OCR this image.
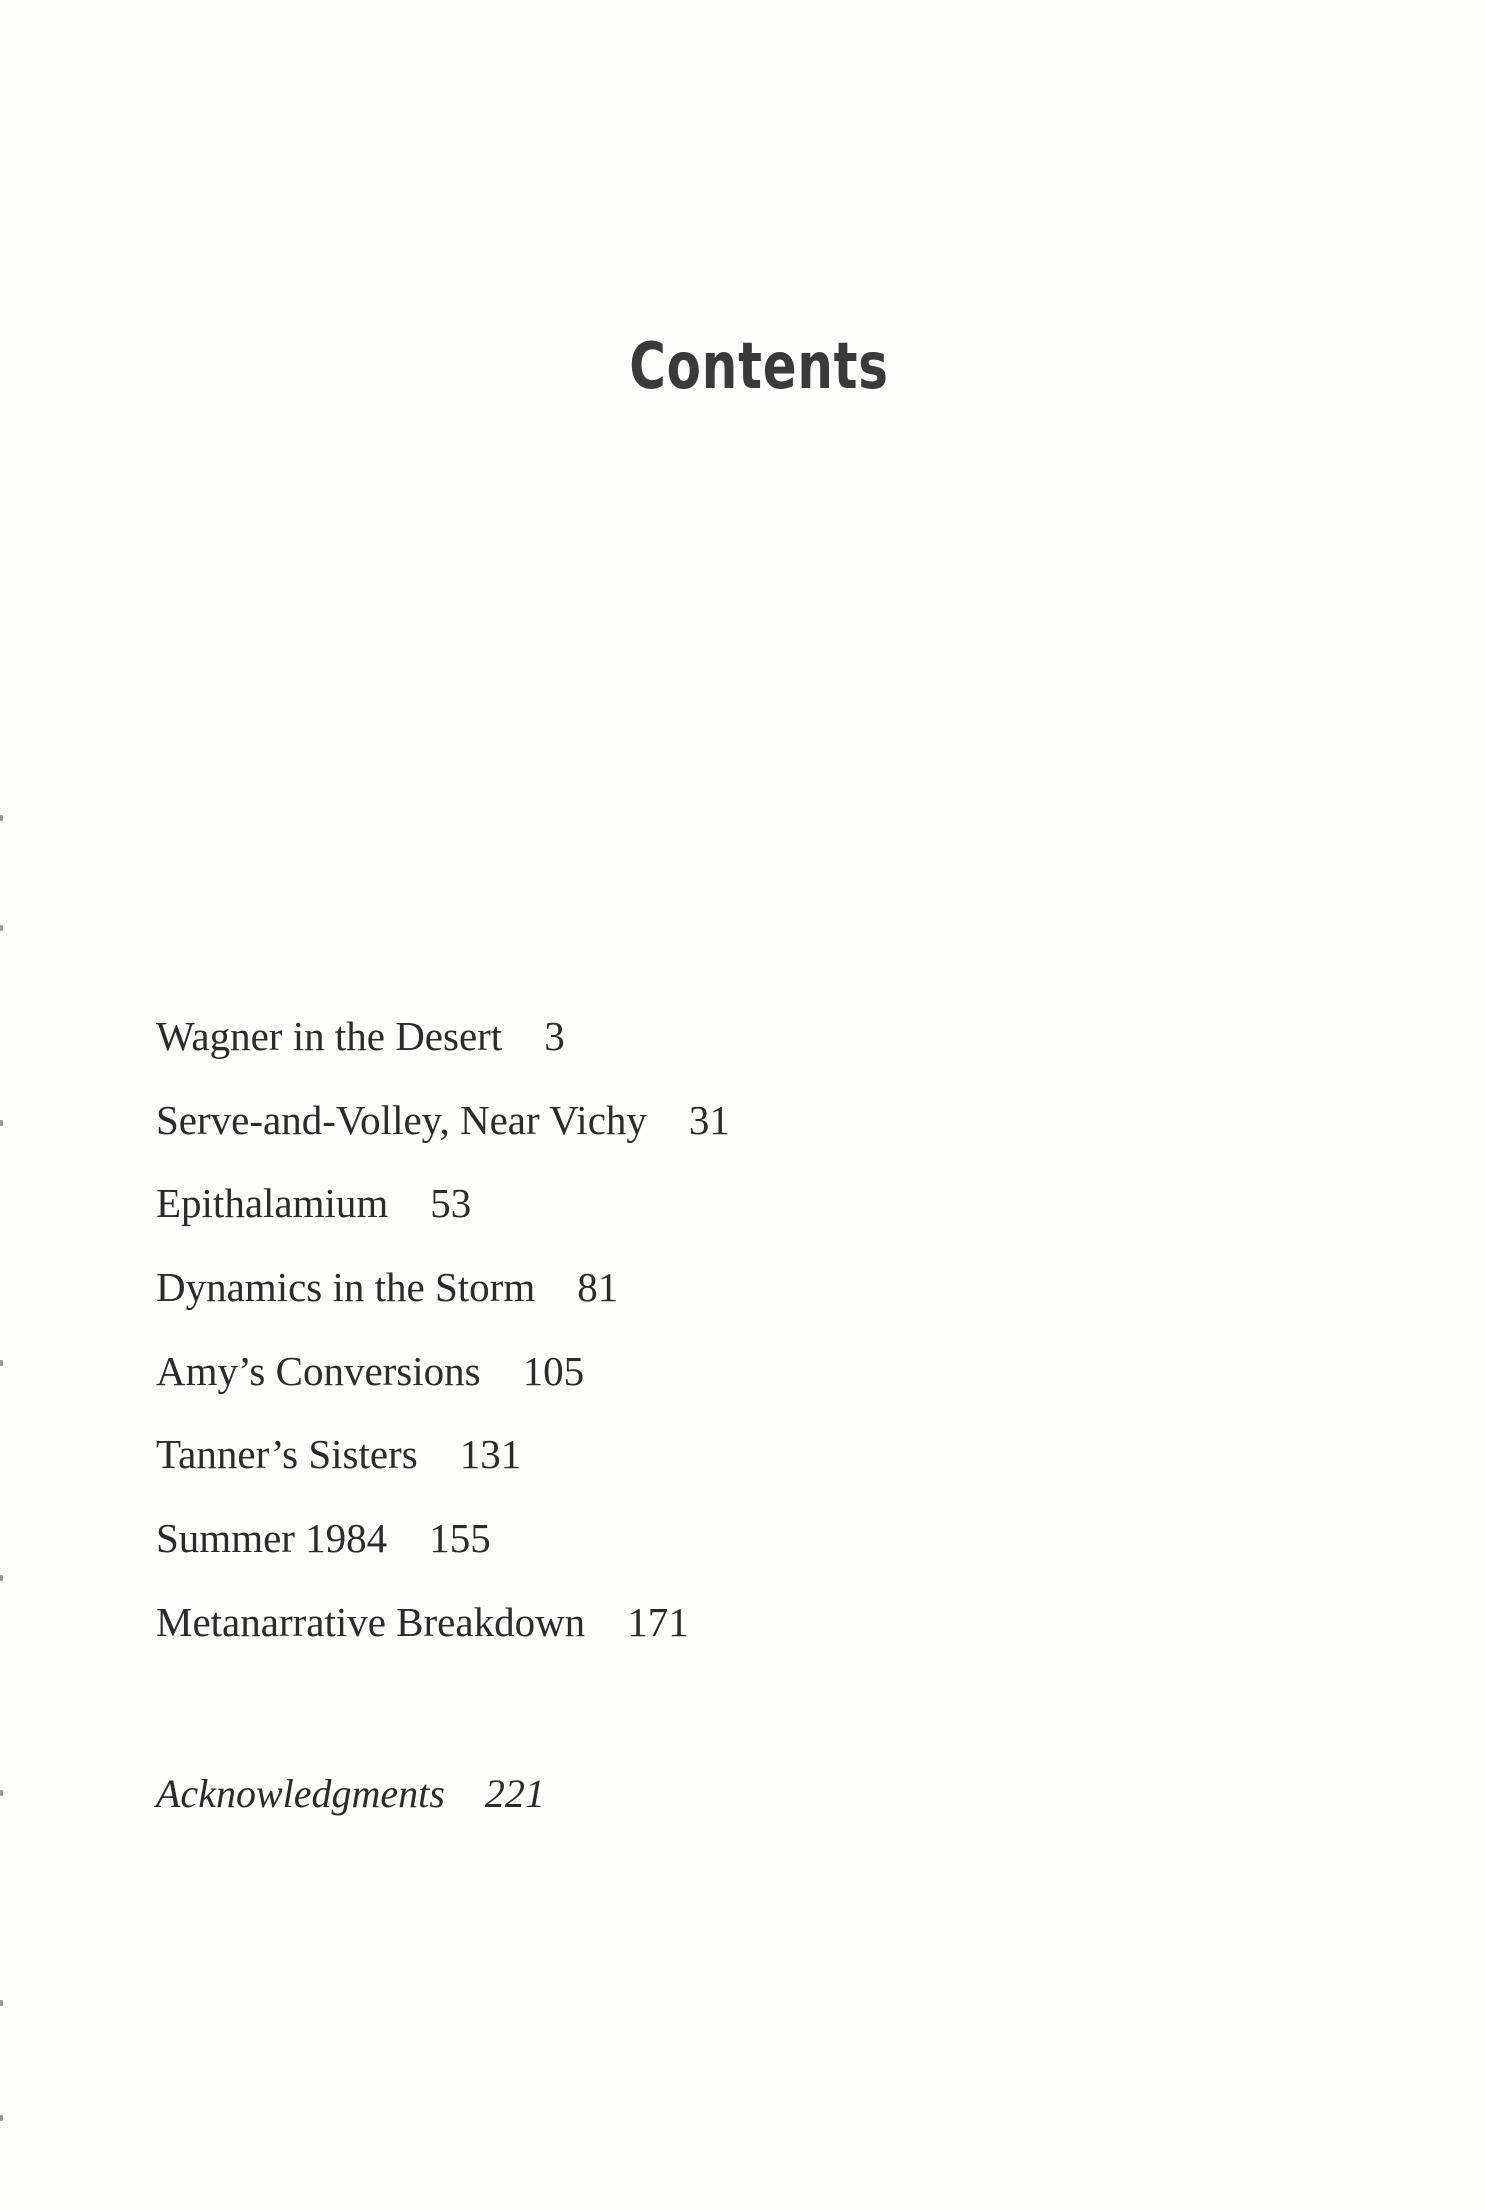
Contents
Wagner in the Desert 3
Serve-and-Volley, Near Vichy 31
Epithalamium 53
Dynamics in the Storm 81
Amy’s Conversions 105
Tanner’s Sisters 131
Summer 1984 155
Metanarrative Breakdown 171
Acknowledgments 221
